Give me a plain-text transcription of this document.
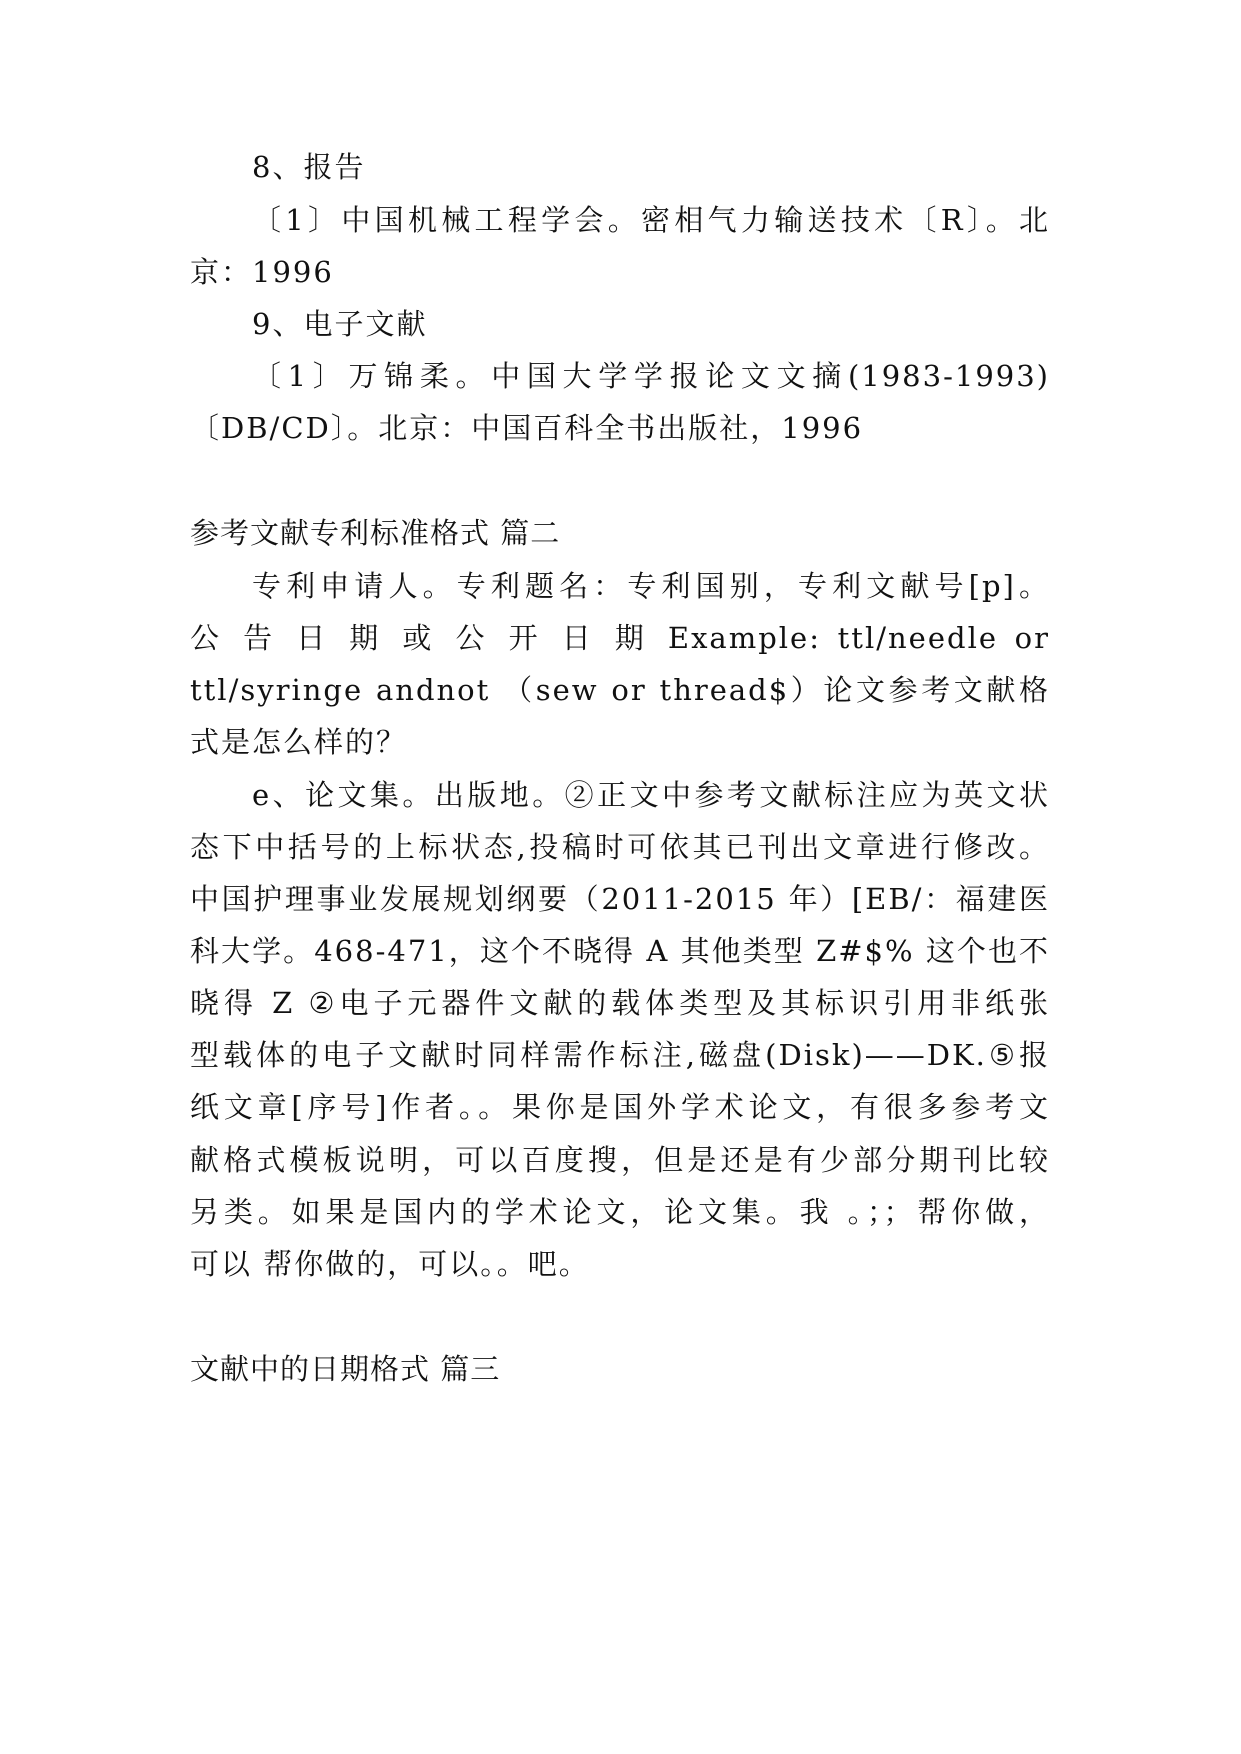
8、报告
〔1〕中国机械工程学会。密相气力输送技术〔R〕。北
京：1996
9、电子文献
〔1〕万锦柔。中国大学学报论文文摘(1983-1993)
〔DB/CD〕。北京：中国百科全书出版社，1996
参考文献专利标准格式 篇二
专利申请人。专利题名：专利国别，专利文献号[p]。
公 告 日 期 或 公 开 日 期 Example: ttl/needle or
ttl/syringe andnot （sew or thread$）论文参考文献格
式是怎么样的？
e、论文集。出版地。②正文中参考文献标注应为英文状
态下中括号的上标状态,投稿时可依其已刊出文章进行修改。
中国护理事业发展规划纲要（2011-2015 年）[EB/：福建医
科大学。468-471，这个不晓得 A 其他类型 Z#$% 这个也不
晓得 Z ②电子元器件文献的载体类型及其标识引用非纸张
型载体的电子文献时同样需作标注,磁盘(Disk)——DK.⑤报
纸文章[序号]作者。。果你是国外学术论文，有很多参考文
献格式模板说明，可以百度搜，但是还是有少部分期刊比较
另类。如果是国内的学术论文，论文集。我 。；；帮你做，
可以 帮你做的，可以。。吧。
文献中的日期格式 篇三
